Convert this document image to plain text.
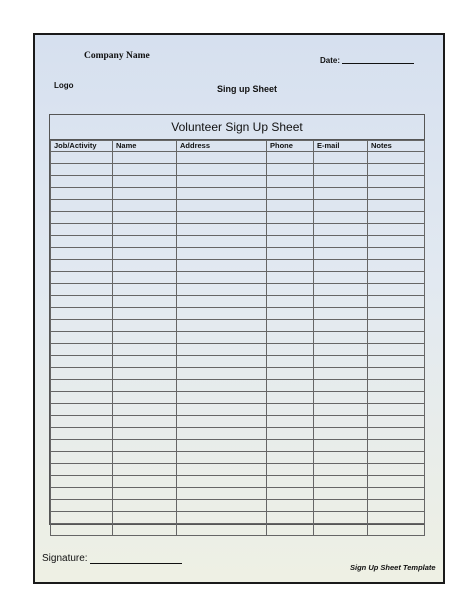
Company Name
Logo
Date:
Sing up Sheet
Volunteer Sign Up Sheet
Job/Activity	Name	Address	Phone	E-mail	Notes

Signature:
Sign Up Sheet Template
